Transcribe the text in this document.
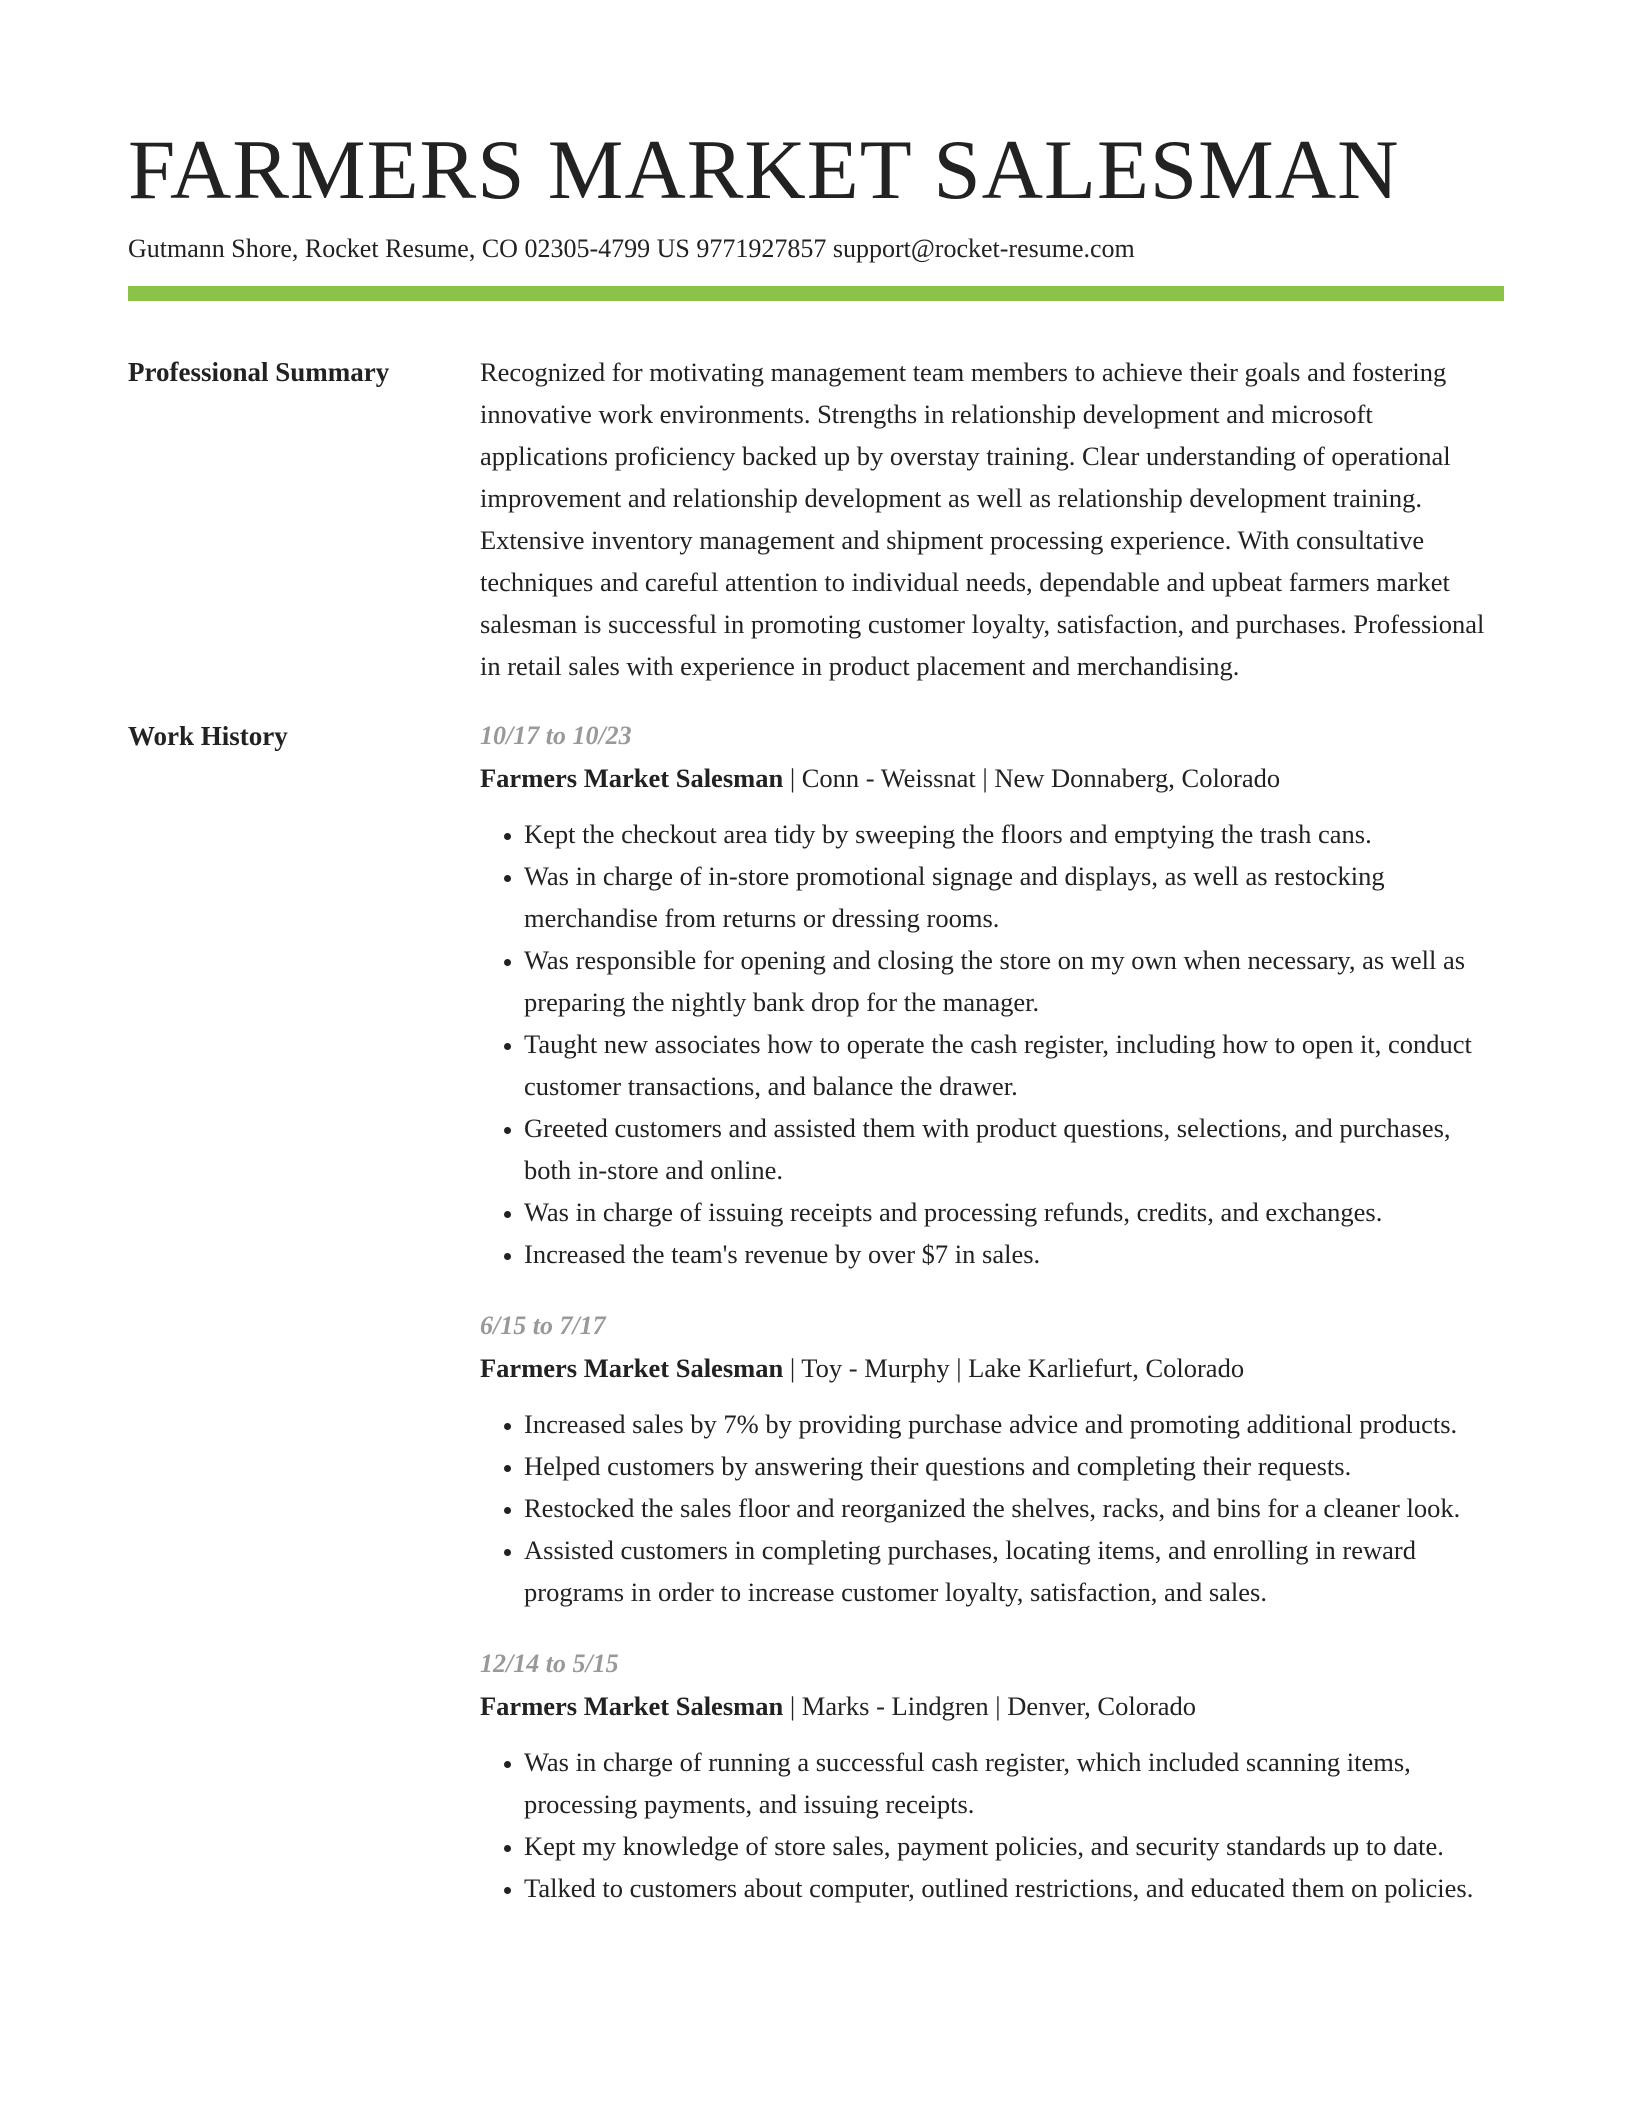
FARMERS MARKET SALESMAN
Gutmann Shore, Rocket Resume, CO 02305-4799 US 9771927857 support@rocket-resume.com
Professional Summary	Recognized for motivating management team members to achieve their goals and fostering innovative work environments. Strengths in relationship development and microsoft applications proficiency backed up by overstay training. Clear understanding of operational improvement and relationship development as well as relationship development training. Extensive inventory management and shipment processing experience. With consultative techniques and careful attention to individual needs, dependable and upbeat farmers market salesman is successful in promoting customer loyalty, satisfaction, and purchases. Professional in retail sales with experience in product placement and merchandising.

Work History	10/17 to 10/23
Farmers Market Salesman | Conn - Weissnat | New Donnaberg, Colorado
• Kept the checkout area tidy by sweeping the floors and emptying the trash cans.
• Was in charge of in-store promotional signage and displays, as well as restocking merchandise from returns or dressing rooms.
• Was responsible for opening and closing the store on my own when necessary, as well as preparing the nightly bank drop for the manager.
• Taught new associates how to operate the cash register, including how to open it, conduct customer transactions, and balance the drawer.
• Greeted customers and assisted them with product questions, selections, and purchases, both in-store and online.
• Was in charge of issuing receipts and processing refunds, credits, and exchanges.
• Increased the team's revenue by over $7 in sales.
6/15 to 7/17
Farmers Market Salesman | Toy - Murphy | Lake Karliefurt, Colorado
• Increased sales by 7% by providing purchase advice and promoting additional products.
• Helped customers by answering their questions and completing their requests.
• Restocked the sales floor and reorganized the shelves, racks, and bins for a cleaner look.
• Assisted customers in completing purchases, locating items, and enrolling in reward programs in order to increase customer loyalty, satisfaction, and sales.
12/14 to 5/15
Farmers Market Salesman | Marks - Lindgren | Denver, Colorado
• Was in charge of running a successful cash register, which included scanning items, processing payments, and issuing receipts.
• Kept my knowledge of store sales, payment policies, and security standards up to date.
• Talked to customers about computer, outlined restrictions, and educated them on policies.
